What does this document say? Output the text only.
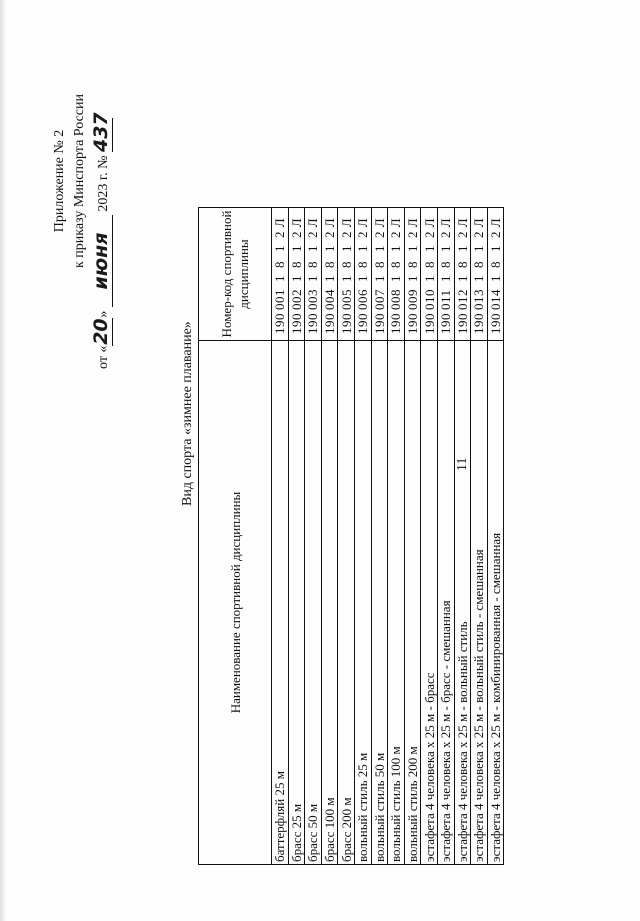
11
Приложение № 2 к приказу Минспорта России
от «20» июня 2023 г. № 437
Вид спорта «зимнее плавание»
Наименование спортивной дисциплины	Номер-код спортивной дисциплины
баттерфляй 25 м	1900011812 Л
брасс 25 м	1900021812 Л
брасс 50 м	1900031812 Л
брасс 100 м	1900041812 Л
брасс 200 м	1900051812 Л
вольный стиль 25 м	1900061812 Л
вольный стиль 50 м	1900071812 Л
вольный стиль 100 м	1900081812 Л
вольный стиль 200 м	1900091812 Л
эстафета 4 человека х 25 м - брасс	1900101812 Л
эстафета 4 человека х 25 м - брасс - смешанная	1900111812 Л
эстафета 4 человека х 25 м - вольный стиль	1900121812 Л
эстафета 4 человека х 25 м - вольный стиль - смешанная	1900131812 Л
эстафета 4 человека х 25 м - комбинированная - смешанная	1900141812 Л
